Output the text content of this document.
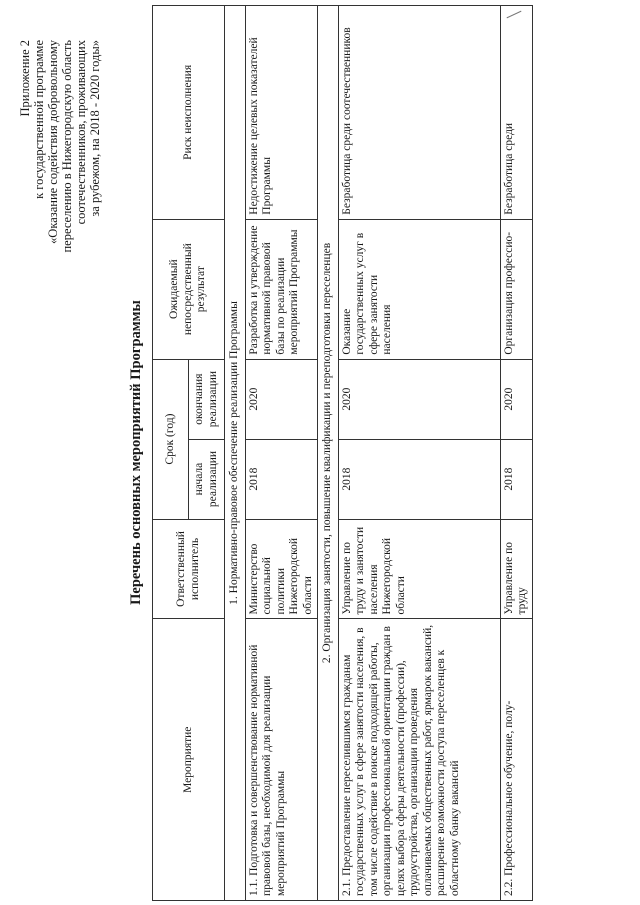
Приложение 2 к государственной программе «Оказание содействия добровольному переселению в Нижегородскую область соотечественников, проживающих за рубежом, на 2018 - 2020 годы»
Перечень основных мероприятий Программы
Мероприятие	Ответственный исполнитель	Срок (год)		Ожидаемый непосредственный результат	Риск неисполнения
		начала реализации	окончания реализации		
1. Нормативно-правовое обеспечение реализации Программы					
1.1. Подготовка и совершенствование нормативной правовой базы, необходимой для реализации мероприятий Программы	Министерство социальной политики Нижегородской области	2018	2020	Разработка и утверждение нормативной правовой базы по реализации мероприятий Программы	Недостижение целевых показателей Программы
2. Организация занятости, повышение квалификации и переподготовки переселенцев					
2.1. Предоставление переселившимся гражданам государственных услуг в сфере занятости населения, в том числе содействие в поиске подходящей работы, организации профессиональной ориентации граждан в целях выбора сферы деятельности (профессии), трудоустройства, организации проведения оплачиваемых общественных работ, ярмарок вакансий, расширение возможности доступа переселенцев к областному банку вакансий	Управление по труду и занятости населения Нижегородской области	2018	2020	Оказание государственных услуг в сфере занятости населения	Безработица среди соотечественников
2.2. Профессиональное обучение, полу-	Управление по труду	2018	2020	Организация профессио-	Безработица среди
